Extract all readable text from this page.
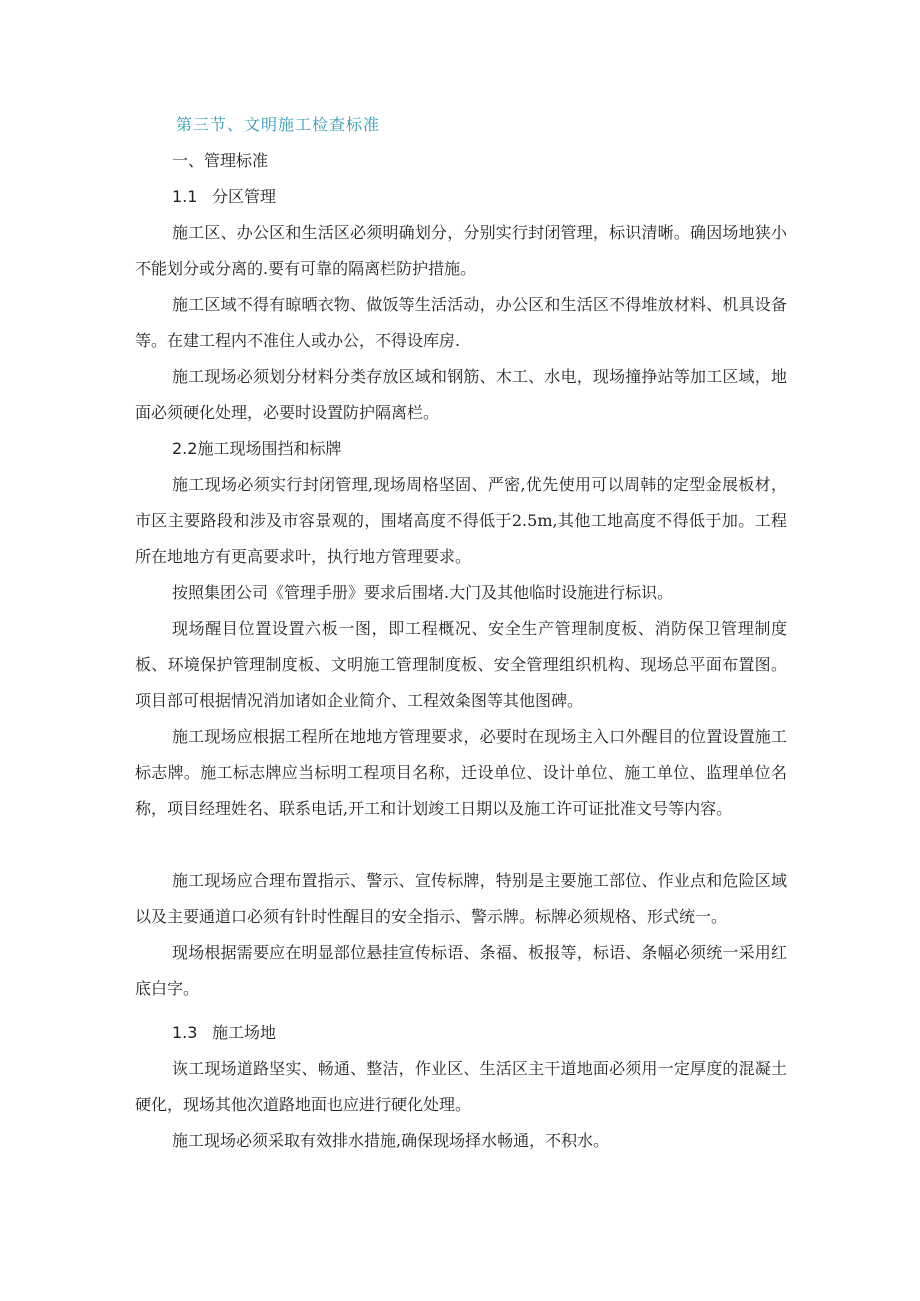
第三节、文明施工检查标准
一、管理标准
1.1 分区管理

施工区、办公区和生活区必须明确划分，分别实行封闭管理，标识清晰。确因场地狭小不能划分或分离的.要有可靠的隔离栏防护措施。

施工区域不得有晾晒衣物、做饭等生活活动，办公区和生活区不得堆放材料、机具设备等。在建工程内不准住人或办公，不得设库房.

施工现场必须划分材料分类存放区域和钢筋、木工、水电，现场撞挣站等加工区域，地面必须硬化处理，必要时设置防护隔离栏。

2.2施工现场围挡和标牌

施工现场必须实行封闭管理,现场周格坚固、严密,优先使用可以周韩的定型金展板材，市区主要路段和涉及市容景观的，围堵高度不得低于2.5m,其他工地高度不得低于加。工程所在地地方有更高要求叶，执行地方管理要求。

按照集团公司《管理手册》要求后围堵.大门及其他临时设施进行标识。

现场醒目位置设置六板一图，即工程概况、安全生产管理制度板、消防保卫管理制度板、环境保护管理制度板、文明施工管理制度板、安全管理组织机构、现场总平面布置图。项目部可根据情况消加诸如企业简介、工程效粂图等其他图碑。

施工现场应根据工程所在地地方管理要求，必要时在现场主入口外醒目的位置设置施工标志牌。施工标志牌应当标明工程项目名称，迁设单位、设计单位、施工单位、监理单位名称，项目经理姓名、联系电话,开工和计划竣工日期以及施工许可证批准文号等内容。

施工现场应合理布置指示、警示、宣传标牌，特别是主要施工部位、作业点和危险区域以及主要通道口必须有针时性醒目的安全指示、警示牌。标牌必须规格、形式统一。

现场根据需要应在明显部位悬挂宣传标语、条福、板报等，标语、条幅必须统一采用红底白字。

1.3 施工场地

诙工现场道路坚实、畅通、整洁，作业区、生活区主干道地面必须用一定厚度的混凝土硬化，现场其他次道路地面也应进行硬化处理。

施工现场必须采取有效排水措施,确保现场择水畅通，不积水。
